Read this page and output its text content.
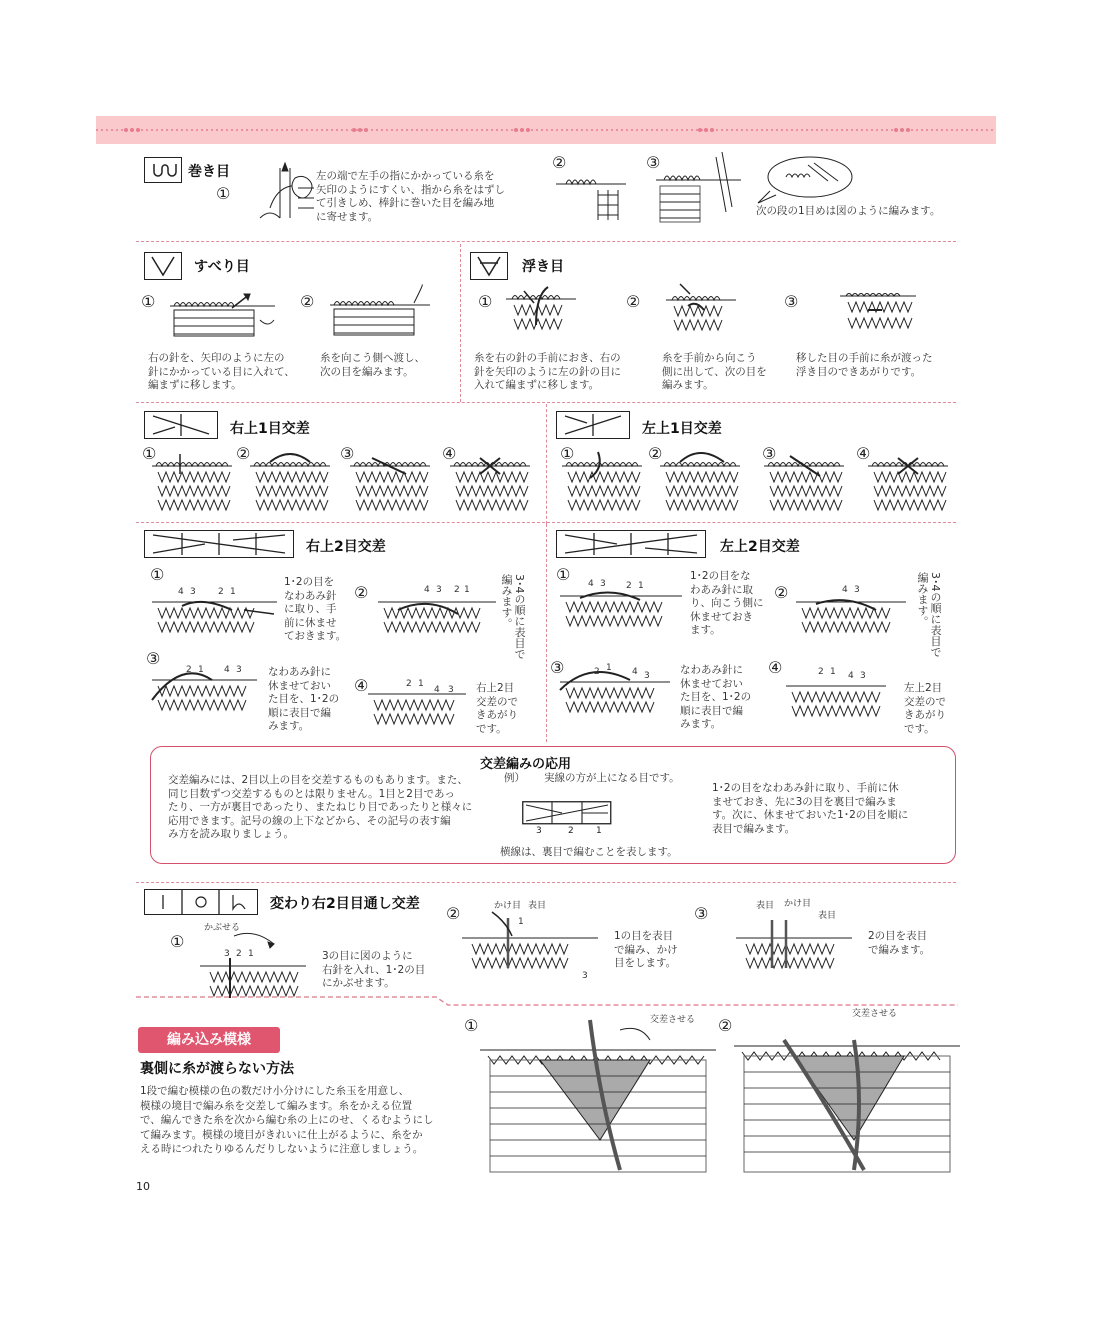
巻き目
①
左の端で左手の指にかかっている糸を
矢印のようにすくい、指から糸をはずし
て引きしめ、棒針に巻いた目を編み地
に寄せます。
②	③
次の段の1目めは図のように編みます。
すべり目
①	②
右の針を、矢印のように左の
針にかかっている目に入れて、
編まずに移します。
糸を向こう側へ渡し、
次の目を編みます。
浮き目
①	②	③
糸を右の針の手前におき、右の
針を矢印のように左の針の目に
入れて編まずに移します。
糸を手前から向こう
側に出して、次の目を
編みます。
移した目の手前に糸が渡った
浮き目のできあがりです。
右上1目交差	左上1目交差
①	②	③	④	①	②	③	④
右上2目交差	左上2目交差
①
4 3 2 1
1･2の目を
なわあみ針
に取り、手
前に休ませ
ておきます。
②	4 3 2 1	3･4の順に表目で編みます。
③
2 1 4 3	なわあみ針に
休ませておい
た目を、1･2の
順に表目で編
みます。
④	2 1
4 3 右上2目
交差ので
きあがり
です。
① 4 3 2 1
1･2の目をな
わあみ針に取
り、向こう側に
休ませておき
ます。
②	4 3	3･4の順に表目で編みます。
③	2 1 4 3	なわあみ針に
休ませておい
た目を、1･2の
順に表目で編
みます。
④	2 1 4 3
左上2目
交差ので
きあがり
です。
交差編みの応用
交差編みには、2目以上の目を交差するものもあります。また、
同じ目数ずつ交差するものとは限りません。1目と2目であっ
たり、一方が裏目であったり、またねじり目であったりと様々に
応用できます。記号の線の上下などから、その記号の表す編
み方を読み取りましょう。
例） 実線の方が上になる目です。
3	2 1
横線は、裏目で編むことを表します。
1･2の目をなわあみ針に取り、手前に休
ませておき、先に3の目を裏目で編みま
す。次に、休ませておいた1･2の目を順に
表目で編みます。
変わり右2目目通し交差
①
かぶせる
3 2 1	3の目に図のように
右針を入れ、1･2の目
にかぶせます。
②	かけ目 表目
1
3
1の目を表目
で編み、かけ
目をします。
③	表目 かけ目
表目
2の目を表目
で編みます。
編み込み模様
裏側に糸が渡らない方法
1段で編む模様の色の数だけ小分けにした糸玉を用意し、
模様の境目で編み糸を交差して編みます。糸をかえる位置
で、編んできた糸を次から編む糸の上にのせ、くるむようにし
て編みます。模様の境目がきれいに仕上がるように、糸をか
える時につれたりゆるんだりしないように注意しましょう。
①	交差させる ②
交差させる
10
